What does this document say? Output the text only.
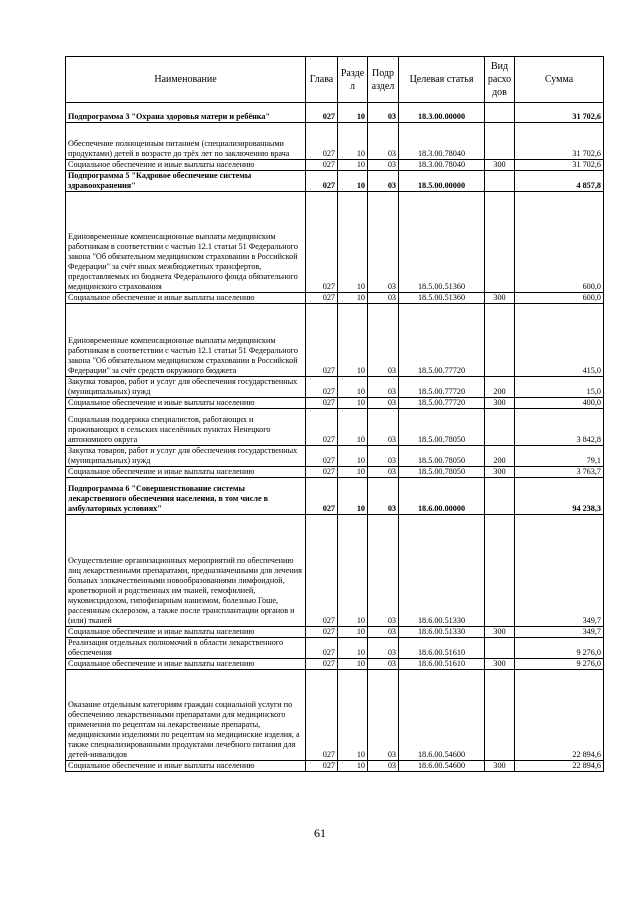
Наименование	Глава	Разде л	Подр аздел	Целевая статья	Вид расхо дов	Сумма
Подпрограмма 3 "Охрана здоровья матери и ребёнка"	027	10	03	18.3.00.00000		31 702,6
Обеспечение полноценным питанием (специализированными продуктами) детей в возрасте до трёх лет по заключению врача	027	10	03	18.3.00.78040		31 702,6
Социальное обеспечение и иные выплаты населению	027	10	03	18.3.00.78040	300	31 702,6
Подпрограмма 5 "Кадровое обеспечение системы здравоохранения"	027	10	03	18.5.00.00000		4 857,8
Единовременные компенсационные выплаты медицинским работникам в соответствии с частью 12.1 статьи 51 Федерального закона "Об обязательном медицинском страховании в Российской Федерации" за счёт иных межбюджетных трансфертов, предоставляемых из бюджета Федерального фонда обязательного медицинского страхования	027	10	03	18.5.00.51360		600,0
Социальное обеспечение и иные выплаты населению	027	10	03	18.5.00.51360	300	600,0
Единовременные компенсационные выплаты медицинским работникам в соответствии с частью 12.1 статьи 51 Федерального закона "Об обязательном медицинском страховании в Российской Федерации" за счёт средств окружного бюджета	027	10	03	18.5.00.77720		415,0
Закупка товаров, работ и услуг для обеспечения государственных (муниципальных) нужд	027	10	03	18.5.00.77720	200	15,0
Социальное обеспечение и иные выплаты населению	027	10	03	18.5.00.77720	300	400,0
Социальная поддержка специалистов, работающих и проживающих в сельских населённых пунктах Ненецкого автономного округа	027	10	03	18.5.00.78050		3 842,8
Закупка товаров, работ и услуг для обеспечения государственных (муниципальных) нужд	027	10	03	18.5.00.78050	200	79,1
Социальное обеспечение и иные выплаты населению	027	10	03	18.5.00.78050	300	3 763,7
Подпрограмма 6 "Совершенствование системы лекарственного обеспечения населения, в том числе в амбулаторных условиях"	027	10	03	18.6.00.00000		94 238,3
Осуществление организационных мероприятий по обеспечению лиц лекарственными препаратами, предназначенными для лечения больных злокачественными новообразованиями лимфоидной, кроветворной и родственных им тканей, гемофилией, муковисцидозом, гипофизарным нанизмом, болезнью Гоше, рассеянным склерозом, а также после трансплантации органов и (или) тканей	027	10	03	18.6.00.51330		349,7
Социальное обеспечение и иные выплаты населению	027	10	03	18.6.00.51330	300	349,7
Реализация отдельных полномочий в области лекарственного обеспечения	027	10	03	18.6.00.51610		9 276,0
Социальное обеспечение и иные выплаты населению	027	10	03	18.6.00.51610	300	9 276,0
Оказание отдельным категориям граждан социальной услуги по обеспечению лекарственными препаратами для медицинского применения по рецептам на лекарственные препараты, медицинскими изделиями по рецептам на медицинские изделия, а также специализированными продуктами лечебного питания для детей-инвалидов	027	10	03	18.6.00.54600		22 894,6
Социальное обеспечение и иные выплаты населению	027	10	03	18.6.00.54600	300	22 894,6
61
